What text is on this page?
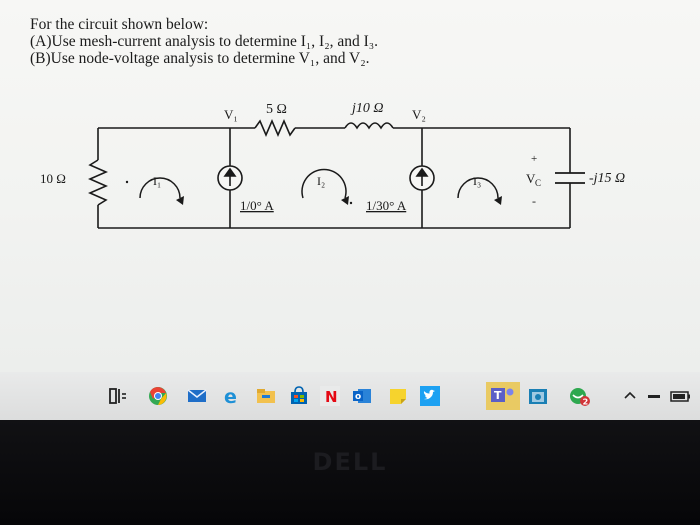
For the circuit shown below:
(A)Use mesh-current analysis to determine I₁, I₂, and I₃.
(B)Use node-voltage analysis to determine V₁, and V₂.
V₁ 5 Ω	j10 Ω V₂
10 Ω	I₁	I₂	I₃
1/0° A	1/30° A
+
V C
-
-j15 Ω
e	N o	T	2
DELL
